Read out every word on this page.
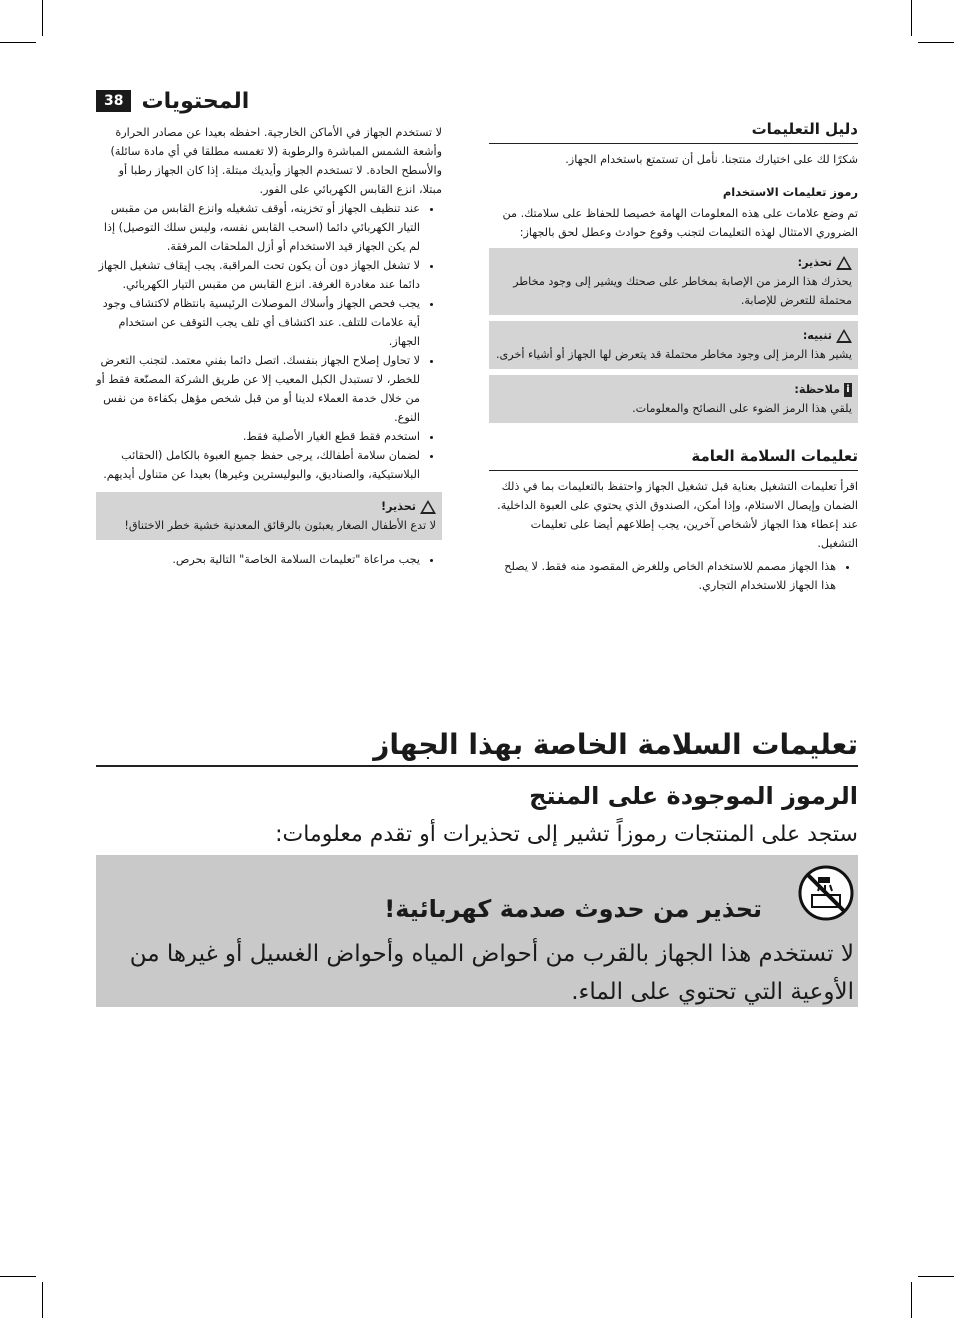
38 المحتويات

لا تستخدم الجهاز في الأماكن الخارجية. احفظه بعيدا عن مصادر الحرارة وأشعة الشمس المباشرة والرطوبة (لا تغمسه مطلقا في أي مادة سائلة) والأسطح الحادة. لا تستخدم الجهاز وأيديك مبتلة. إذا كان الجهاز رطبا أو مبتلا، انزع القابس الكهربائي على الفور.

• عند تنظيف الجهاز أو تخزينه، أوقف تشغيله وانزع القابس من مقبس التيار الكهربائي دائما (اسحب القابس نفسه، وليس سلك التوصيل) إذا لم يكن الجهاز قيد الاستخدام أو أزل الملحقات المرفقة.
• لا تشغل الجهاز دون أن يكون تحت المراقبة. يجب إيقاف تشغيل الجهاز دائما عند مغادرة الغرفة. انزع القابس من مقبس التيار الكهربائي.
• يجب فحص الجهاز وأسلاك الموصلات الرئيسية بانتظام لاكتشاف وجود أية علامات للتلف. عند اكتشاف أي تلف يجب التوقف عن استخدام الجهاز.
• لا تحاول إصلاح الجهاز بنفسك. اتصل دائما بفني معتمد. لتجنب التعرض للخطر، لا تستبدل الكبل المعيب إلا عن طريق الشركة المصنّعة فقط أو من خلال خدمة العملاء لدينا أو من قبل شخص مؤهل بكفاءة من نفس النوع.
• استخدم فقط قطع الغيار الأصلية فقط.
• لضمان سلامة أطفالك، يرجى حفظ جميع العبوة بالكامل (الحقائب البلاستيكية، والصناديق، والبوليسترين وغيرها) بعيدا عن متناول أيديهم.
تحذير!
لا تدع الأطفال الصغار يعبثون بالرقائق المعدنية خشية خطر الاختناق!
• يجب مراعاة "تعليمات السلامة الخاصة" التالية بحرص.
دليل التعليمات

شكرًا لك على اختيارك منتجنا. نأمل أن تستمتع باستخدام الجهاز.

رموز تعليمات الاستخدام

تم وضع علامات على هذه المعلومات الهامة خصيصا للحفاظ على سلامتك. من الضروري الامتثال لهذه التعليمات لتجنب وقوع حوادث وعطل لحق بالجهاز:

تحذير:
يحذرك هذا الرمز من الإصابة بمخاطر على صحتك ويشير إلى وجود مخاطر محتملة للتعرض للإصابة.
تنبيه:
يشير هذا الرمز إلى وجود مخاطر محتملة قد يتعرض لها الجهاز أو أشياء أخرى.
i
ملاحظة:
يلقي هذا الرمز الضوء على النصائح والمعلومات.
تعليمات السلامة العامة

اقرأ تعليمات التشغيل بعناية قبل تشغيل الجهاز واحتفظ بالتعليمات بما في ذلك الضمان وإيصال الاستلام، وإذا أمكن، الصندوق الذي يحتوي على العبوة الداخلية. عند إعطاء هذا الجهاز لأشخاص آخرين، يجب إطلاعهم أيضا على تعليمات التشغيل.

• هذا الجهاز مصمم للاستخدام الخاص وللغرض المقصود منه فقط. لا يصلح هذا الجهاز للاستخدام التجاري.
تعليمات السلامة الخاصة بهذا الجهاز
الرموز الموجودة على المنتج
ستجد على المنتجات رموزاً تشير إلى تحذيرات أو تقدم معلومات:
تحذير من حدوث صدمة كهربائية!
لا تستخدم هذا الجهاز بالقرب من أحواض المياه وأحواض الغسيل أو غيرها من الأوعية التي تحتوي على الماء.
